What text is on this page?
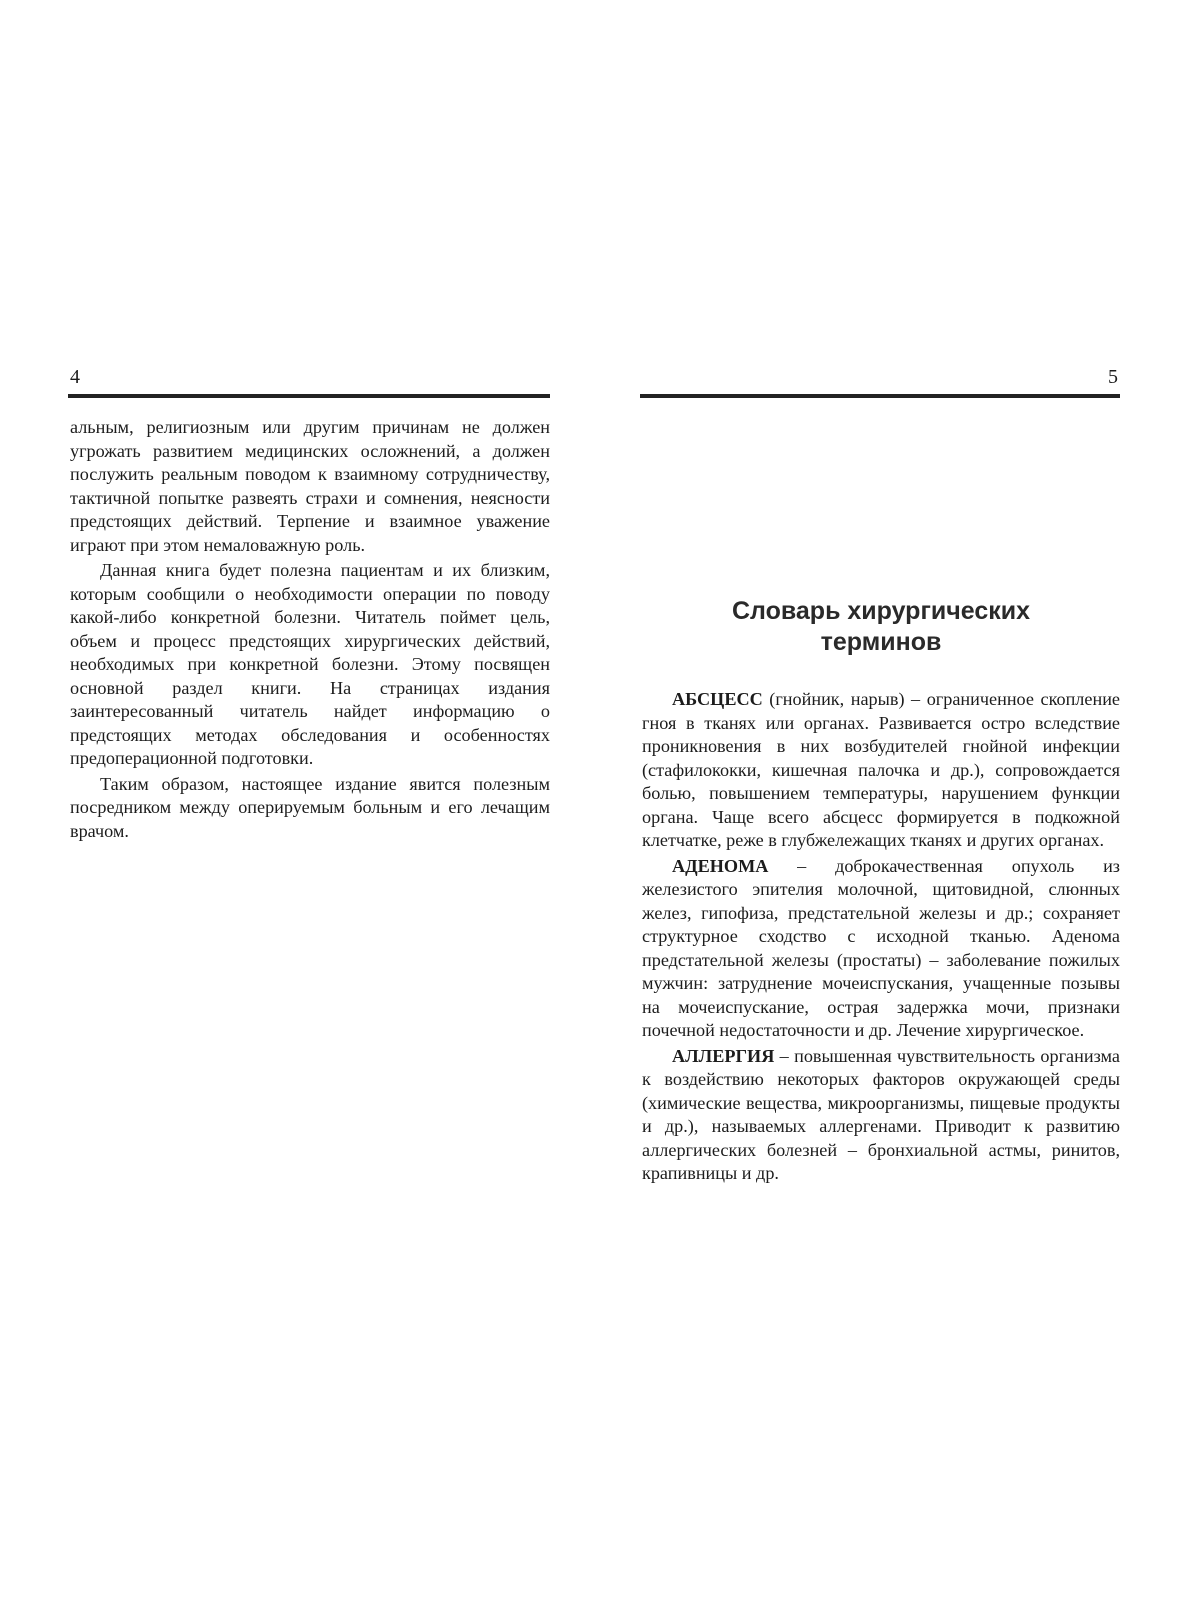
4

альным, религиозным или другим причинам не должен угрожать развитием медицинских осложнений, а должен послужить реальным поводом к взаимному сотрудничеству, тактичной попытке развеять страхи и сомнения, неясности предстоящих действий. Терпение и взаимное уважение играют при этом немаловажную роль.

Данная книга будет полезна пациентам и их близким, которым сообщили о необходимости операции по поводу какой-либо конкретной болезни. Читатель поймет цель, объем и процесс предстоящих хирургических действий, необходимых при конкретной болезни. Этому посвящен основной раздел книги. На страницах издания заинтересованный читатель найдет информацию о предстоящих методах обследования и особенностях предоперационной подготовки.

Таким образом, настоящее издание явится полезным посредником между оперируемым больным и его лечащим врачом.

5
Словарь хирургических
терминов

АБСЦЕСС (гнойник, нарыв) – ограниченное скопление гноя в тканях или органах. Развивается остро вследствие проникновения в них возбудителей гнойной инфекции (стафилококки, кишечная палочка и др.), сопровождается болью, повышением температуры, нарушением функции органа. Чаще всего абсцесс формируется в подкожной клетчатке, реже в глубжележащих тканях и других органах.

АДЕНОМА – доброкачественная опухоль из железистого эпителия молочной, щитовидной, слюнных желез, гипофиза, предстательной железы и др.; сохраняет структурное сходство с исходной тканью. Аденома предстательной железы (простаты) – заболевание пожилых мужчин: затруднение мочеиспускания, учащенные позывы на мочеиспускание, острая задержка мочи, признаки почечной недостаточности и др. Лечение хирургическое.

АЛЛЕРГИЯ – повышенная чувствительность организма к воздействию некоторых факторов окружающей среды (химические вещества, микроорганизмы, пищевые продукты и др.), называемых аллергенами. Приводит к развитию аллергических болезней – бронхиальной астмы, ринитов, крапивницы и др.
